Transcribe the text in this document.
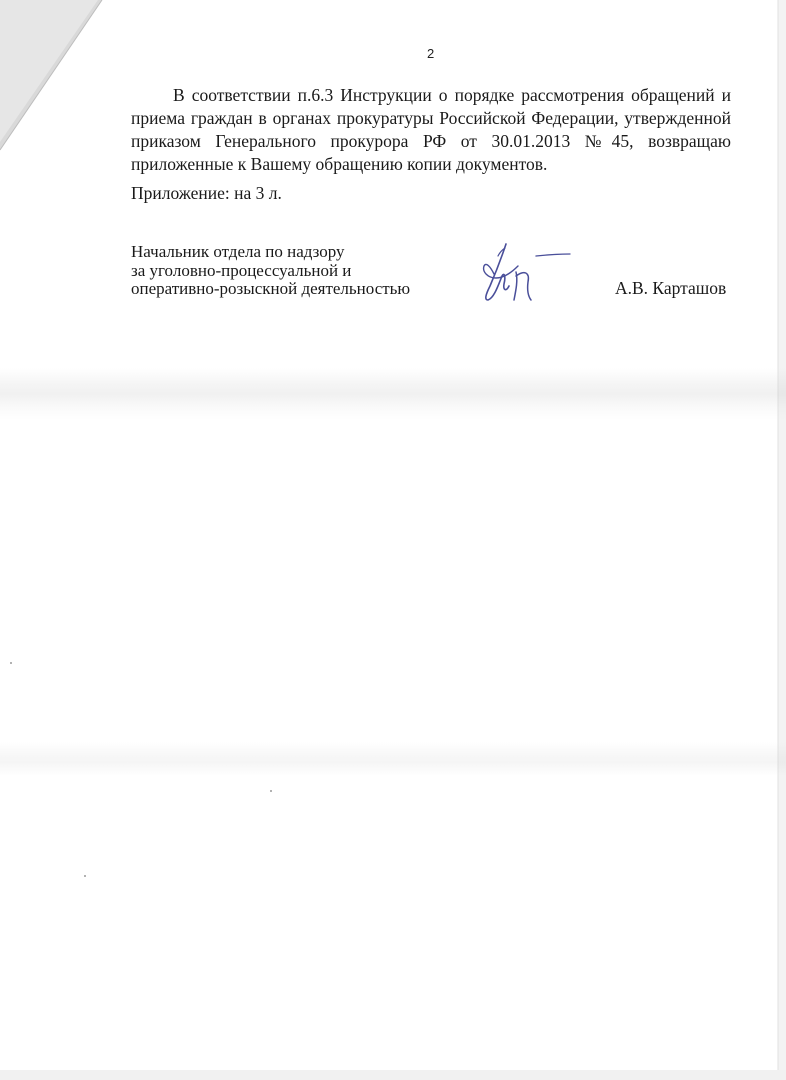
2
В соответствии п.6.3 Инструкции о порядке рассмотрения обращений и приема граждан в органах прокуратуры Российской Федерации, утвержденной приказом Генерального прокурора РФ от 30.01.2013 №45, возвращаю приложенные к Вашему обращению копии документов.
Приложение: на 3 л.
Начальник отдела по надзору
за уголовно-процессуальной и
оперативно-розыскной деятельностью	А.В. Карташов
